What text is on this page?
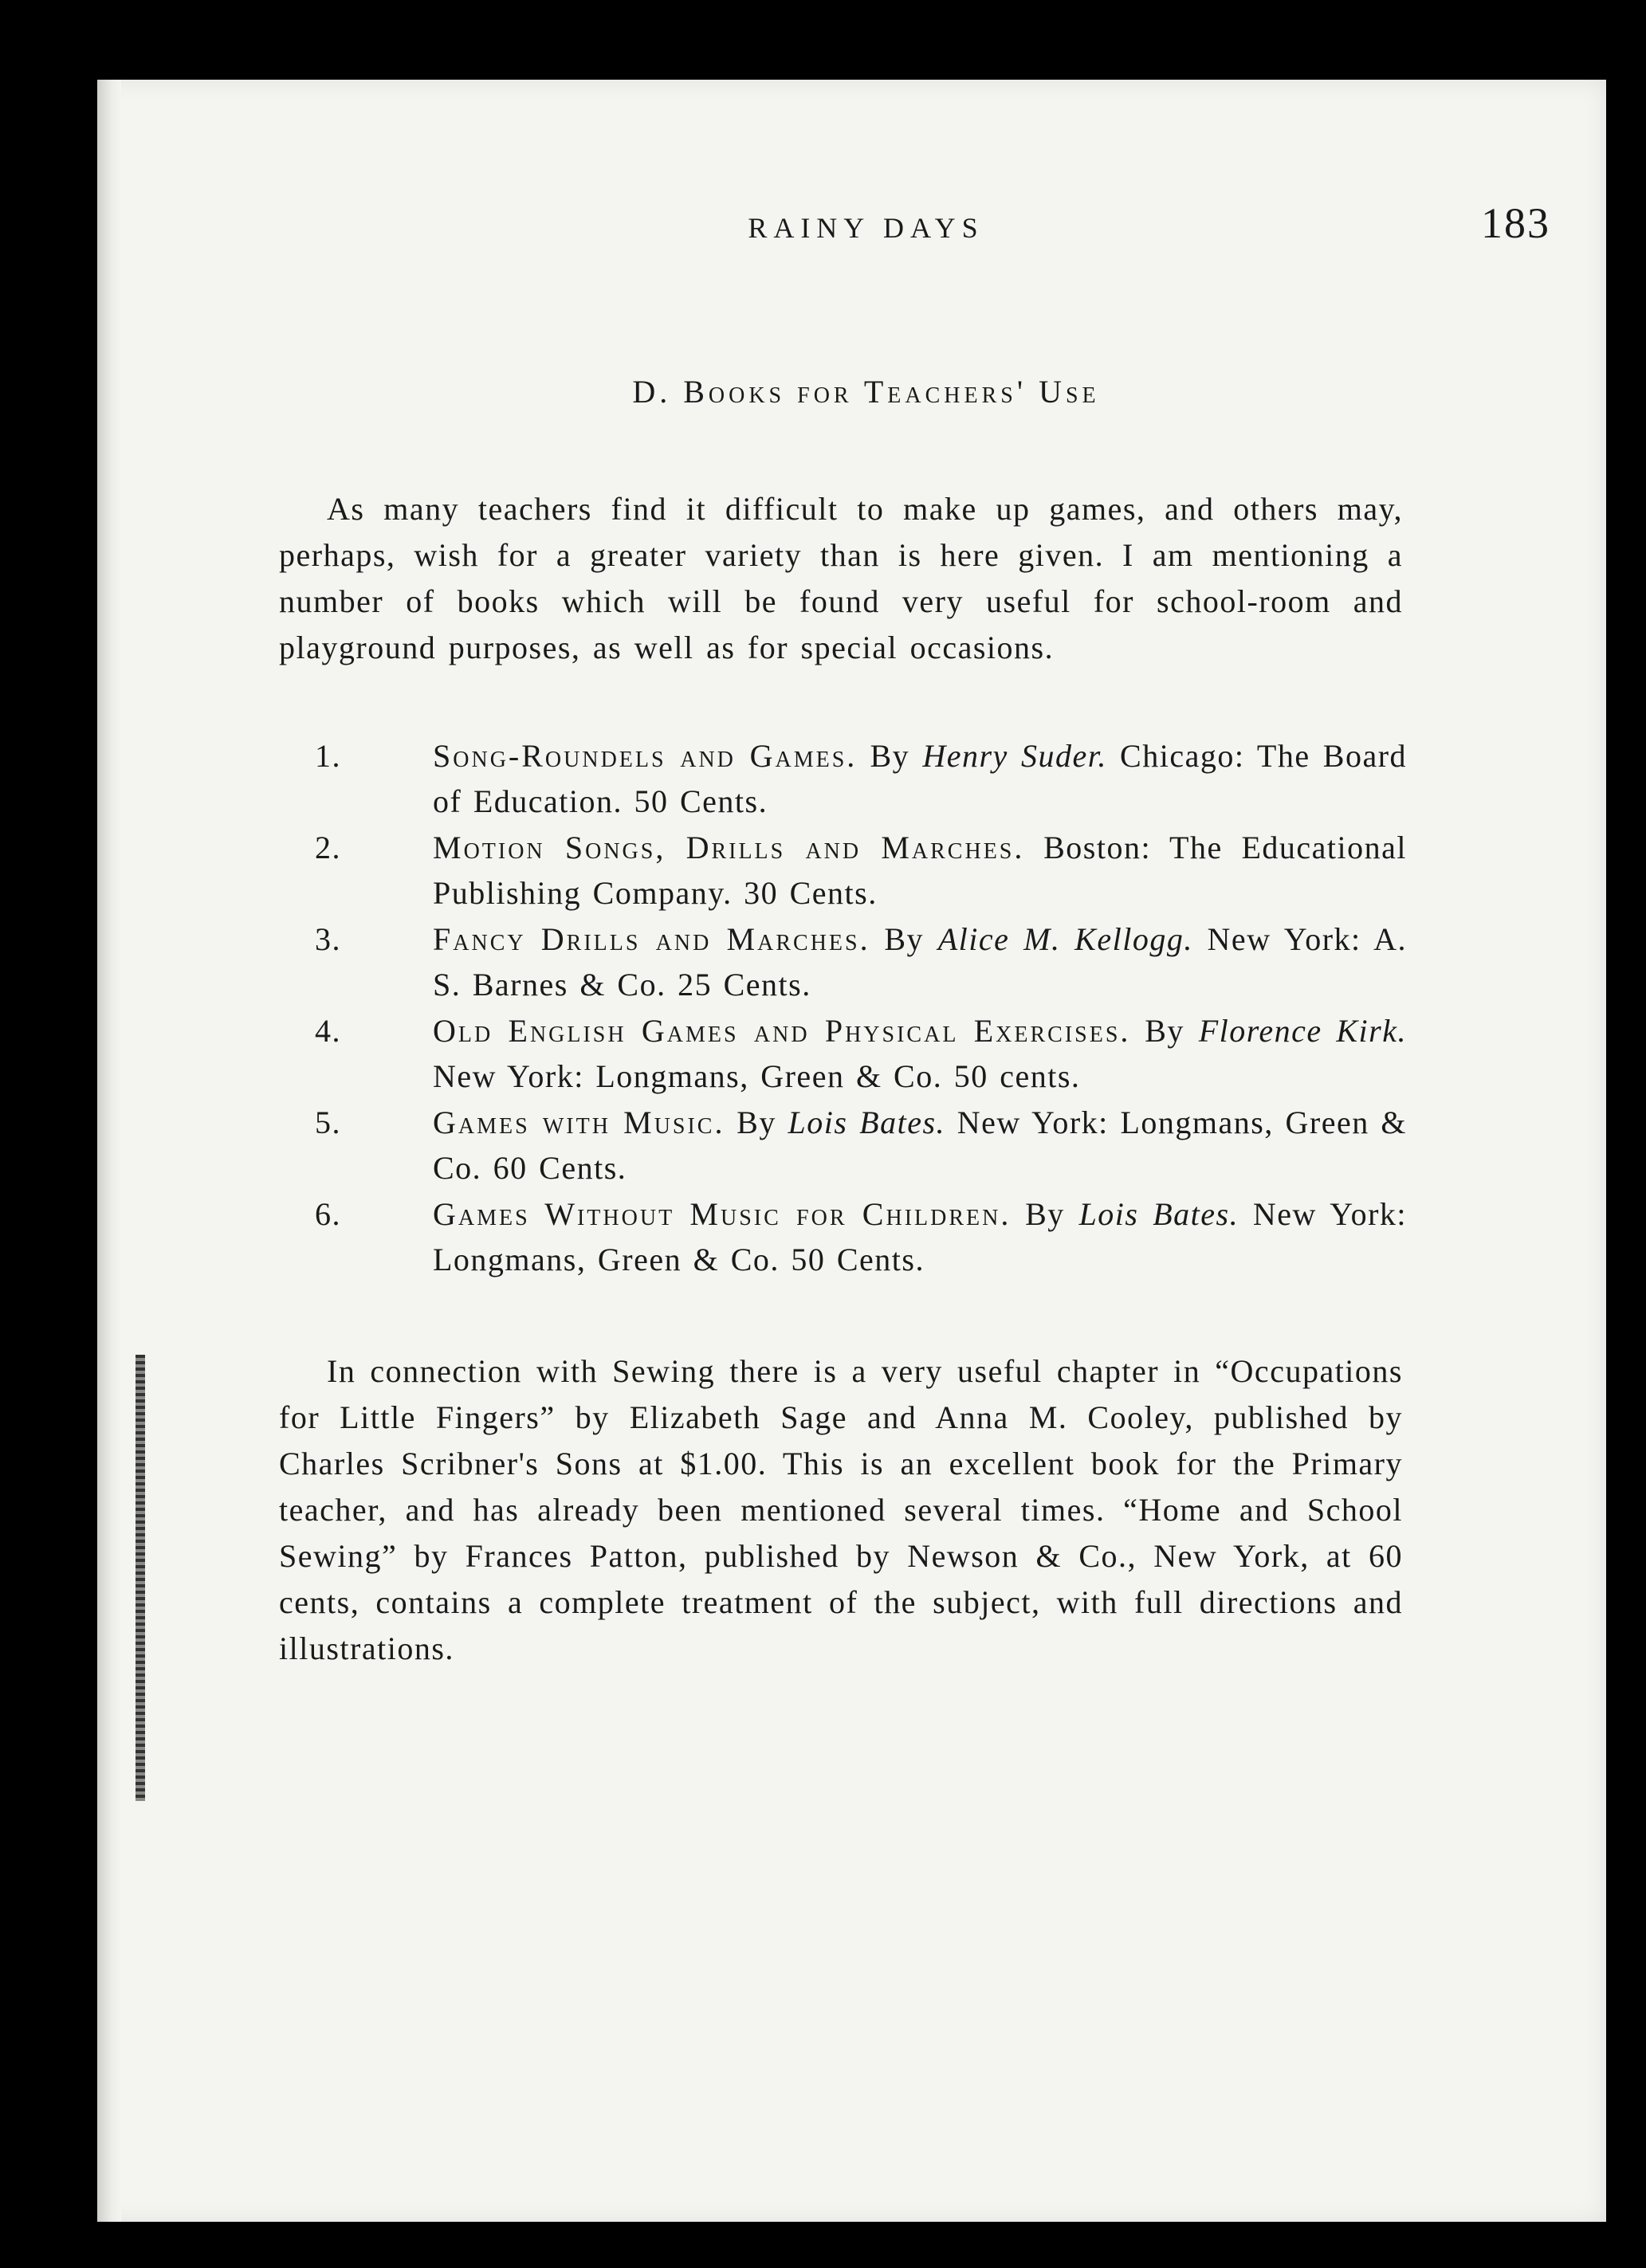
RAINY DAYS	183
D. Books for Teachers' Use

As many teachers find it difficult to make up games, and others may, perhaps, wish for a greater variety than is here given. I am mentioning a number of books which will be found very useful for school-room and playground purposes, as well as for special occasions.

1.	Song-Roundels and Games. By Henry Suder. Chicago: The Board of Education. 50 Cents.
2.	Motion Songs, Drills and Marches. Boston: The Educational Publishing Company. 30 Cents.
3.	Fancy Drills and Marches. By Alice M. Kellogg. New York: A. S. Barnes & Co. 25 Cents.
4.	Old English Games and Physical Exercises. By Florence Kirk. New York: Longmans, Green & Co. 50 cents.
5.	Games with Music. By Lois Bates. New York: Longmans, Green & Co. 60 Cents.
6.	Games Without Music for Children. By Lois Bates. New York: Longmans, Green & Co. 50 Cents.

In connection with Sewing there is a very useful chapter in “Occupations for Little Fingers” by Elizabeth Sage and Anna M. Cooley, published by Charles Scribner's Sons at $1.00. This is an excellent book for the Primary teacher, and has already been mentioned several times. “Home and School Sewing” by Frances Patton, published by Newson & Co., New York, at 60 cents, contains a complete treatment of the subject, with full directions and illustrations.
